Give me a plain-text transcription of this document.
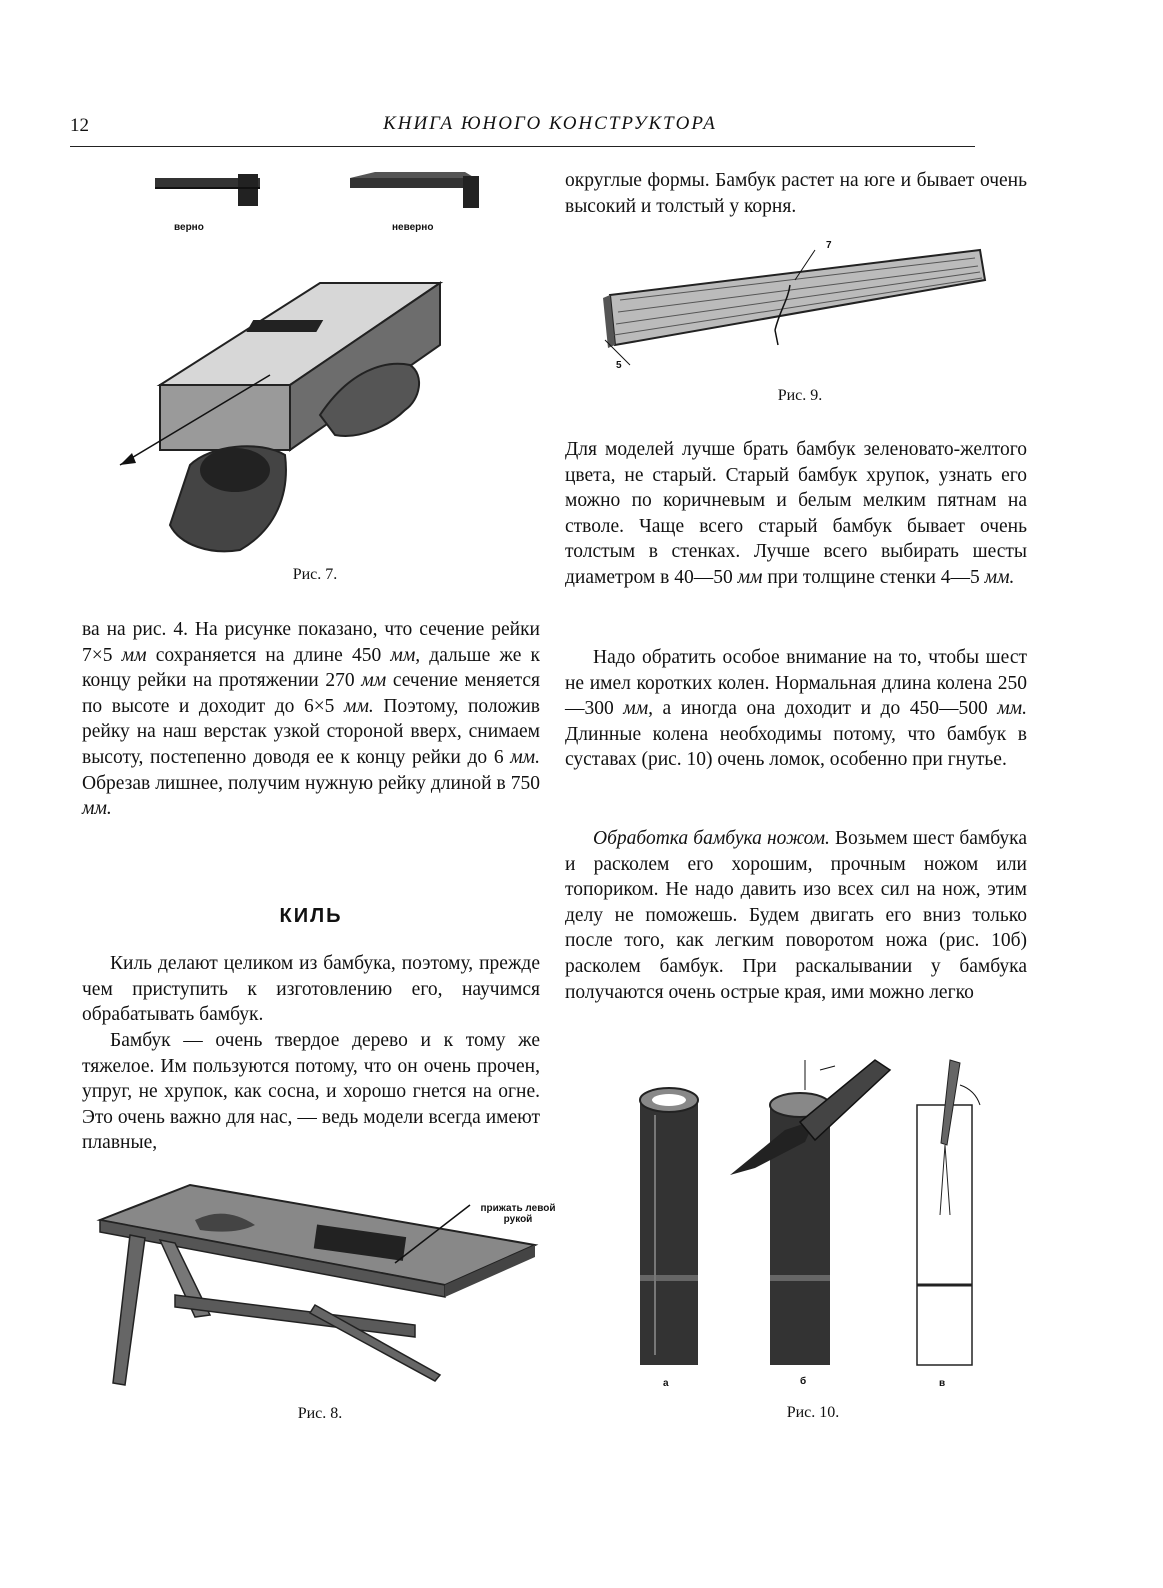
12	КНИГА ЮНОГО КОНСТРУКТОРА
верно	неверно
Рис. 7.

ва на рис. 4. На рисунке показано, что сечение рейки 7×5 мм сохраняется на длине 450 мм, дальше же к концу рейки на протяжении 270 мм сечение меняется по высоте и доходит до 6×5 мм. Поэтому, положив рейку на наш верстак узкой стороной вверх, снимаем высоту, постепенно доводя ее к концу рейки до 6 мм. Обрезав лишнее, получим нужную рейку длиной в 750 мм.

КИЛЬ

Киль делают целиком из бамбука, поэтому, прежде чем приступить к изготовлению его, научимся обрабатывать бамбук.

Бамбук — очень твердое дерево и к тому же тяжелое. Им пользуются потому, что он очень прочен, упруг, не хрупок, как сосна, и хорошо гнется на огне. Это очень важно для нас, — ведь модели всегда имеют плавные,

прижать левой рукой
Рис. 8.

округлые формы. Бамбук растет на юге и бывает очень высокий и толстый у корня.

7
5
Рис. 9.

Для моделей лучше брать бамбук зеленовато-желтого цвета, не старый. Старый бамбук хрупок, узнать его можно по коричневым и белым мелким пятнам на стволе. Чаще всего старый бамбук бывает очень толстым в стенках. Лучше всего выбирать шесты диаметром в 40—50 мм при толщине стенки 4—5 мм.

Надо обратить особое внимание на то, чтобы шест не имел коротких колен. Нормальная длина колена 250—300 мм, а иногда она доходит и до 450—500 мм. Длинные колена необходимы потому, что бамбук в суставах (рис. 10) очень ломок, особенно при гнутье.

Обработка бамбука ножом. Возьмем шест бамбука и расколем его хорошим, прочным ножом или топориком. Не надо давить изо всех сил на нож, этим делу не поможешь. Будем двигать его вниз только после того, как легким поворотом ножа (рис. 10б) расколем бамбук. При раскалывании у бамбука получаются очень острые края, ими можно легко

а	б	в
Рис. 10.
